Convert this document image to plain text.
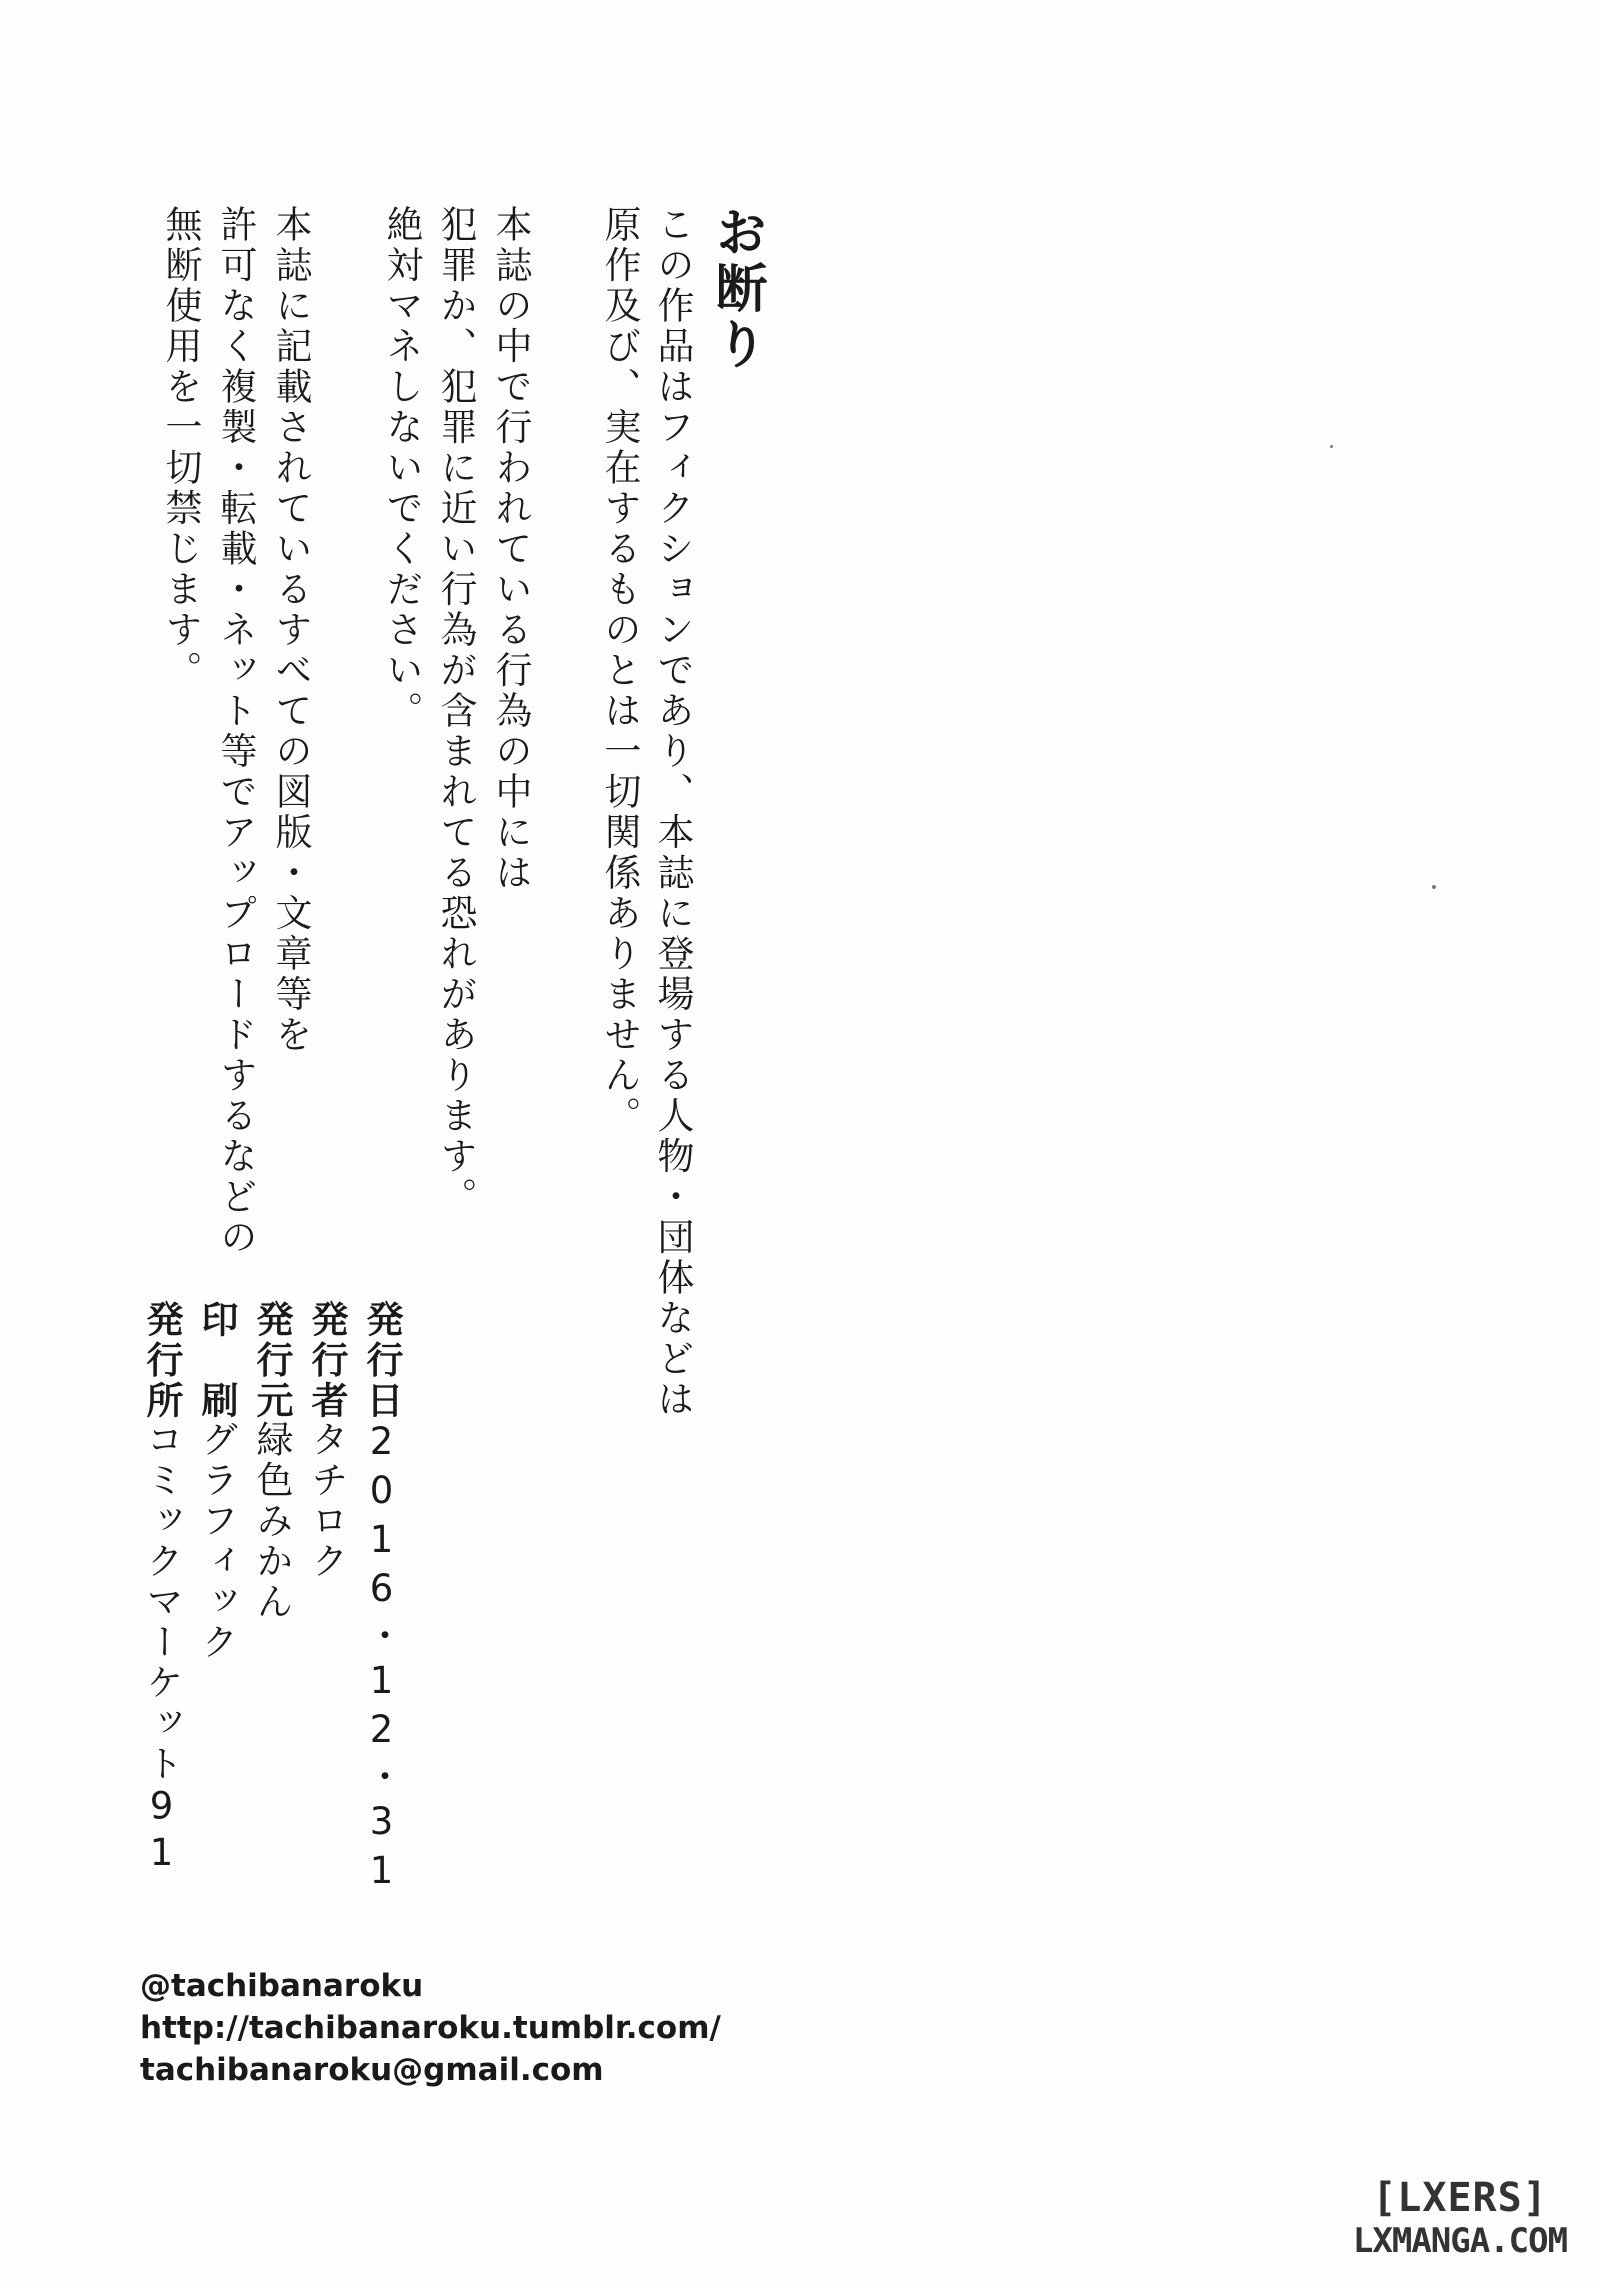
お断り
この作品はフィクションであり、本誌に登場する人物・団体などは
原作及び、実在するものとは一切関係ありません。
本誌の中で行われている行為の中には
犯罪か、犯罪に近い行為が含まれてる恐れがあります。
絶対マネしないでください。
本誌に記載されているすべての図版・文章等を
許可なく複製・転載・ネット等でアップロードするなどの
無断使用を一切禁じます。
発行日
2016・12・31
発行者
タチロク
発行元
緑色みかん
印　刷
グラフィック
発行所
コミックマーケット91
@tachibanaroku
http://tachibanaroku.tumblr.com/
tachibanaroku@gmail.com
[LXERS]
LXMANGA.COM
